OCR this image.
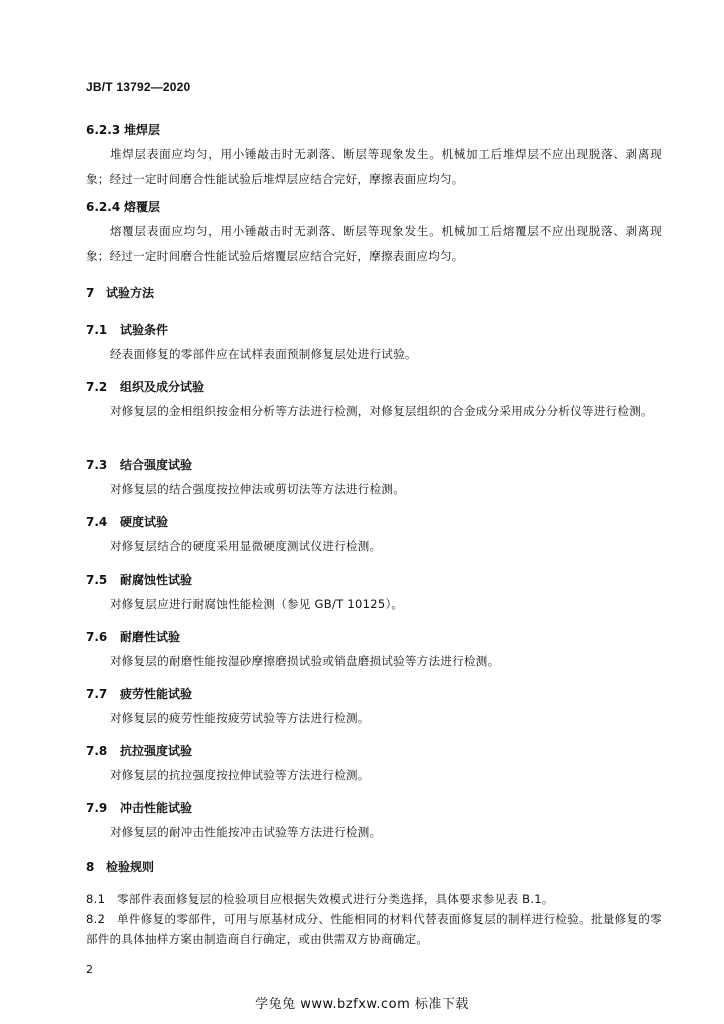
JB/T 13792—2020
6.2.3 堆焊层
堆焊层表面应均匀，用小锤敲击时无剥落、断层等现象发生。机械加工后堆焊层不应出现脱落、剥离现象；经过一定时间磨合性能试验后堆焊层应结合完好，摩擦表面应均匀。
6.2.4 熔覆层
熔覆层表面应均匀，用小锤敲击时无剥落、断层等现象发生。机械加工后熔覆层不应出现脱落、剥离现象；经过一定时间磨合性能试验后熔覆层应结合完好，摩擦表面应均匀。
7 试验方法
7.1 试验条件
经表面修复的零部件应在试样表面预制修复层处进行试验。
7.2 组织及成分试验
对修复层的金相组织按金相分析等方法进行检测，对修复层组织的合金成分采用成分分析仪等进行检测。
7.3 结合强度试验
对修复层的结合强度按拉伸法或剪切法等方法进行检测。
7.4 硬度试验
对修复层结合的硬度采用显微硬度测试仪进行检测。
7.5 耐腐蚀性试验
对修复层应进行耐腐蚀性能检测（参见 GB/T 10125）。
7.6 耐磨性试验
对修复层的耐磨性能按湿砂摩擦磨损试验或销盘磨损试验等方法进行检测。
7.7 疲劳性能试验
对修复层的疲劳性能按疲劳试验等方法进行检测。
7.8 抗拉强度试验
对修复层的抗拉强度按拉伸试验等方法进行检测。
7.9 冲击性能试验
对修复层的耐冲击性能按冲击试验等方法进行检测。
8 检验规则
8.1　零部件表面修复层的检验项目应根据失效模式进行分类选择，具体要求参见表 B.1。
8.2　单件修复的零部件，可用与原基材成分、性能相同的材料代替表面修复层的制样进行检验。批量修复的零部件的具体抽样方案由制造商自行确定，或由供需双方协商确定。
2
学兔兔 www.bzfxw.com 标准下载
